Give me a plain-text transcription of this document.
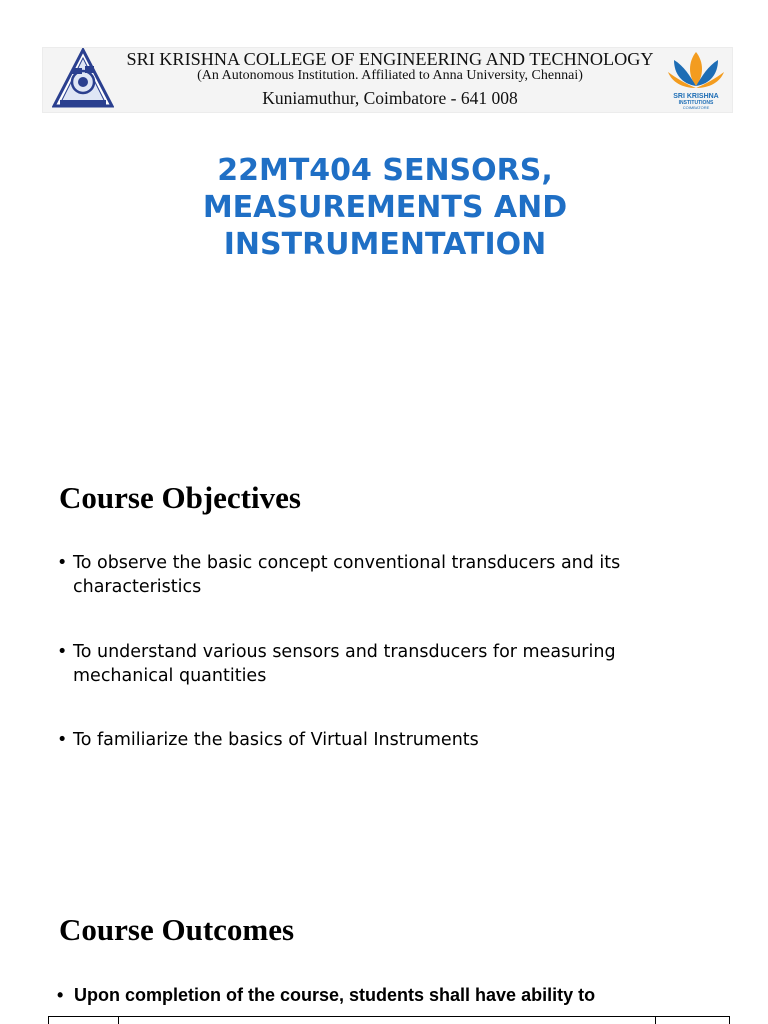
SRI KRISHNA COLLEGE OF ENGINEERING AND TECHNOLOGY
(An Autonomous Institution. Affiliated to Anna University, Chennai)
Kuniamuthur, Coimbatore - 641 008	SRI KRISHNA
INSTITUTIONS
COIMBATORE
22MT404 SENSORS,
MEASUREMENTS AND
INSTRUMENTATION
Course Objectives
• To observe the basic concept conventional transducers and its
characteristics
• To understand various sensors and transducers for measuring
mechanical quantities
• To familiarize the basics of Virtual Instruments
Course Outcomes
• Upon completion of the course, students shall have ability to
